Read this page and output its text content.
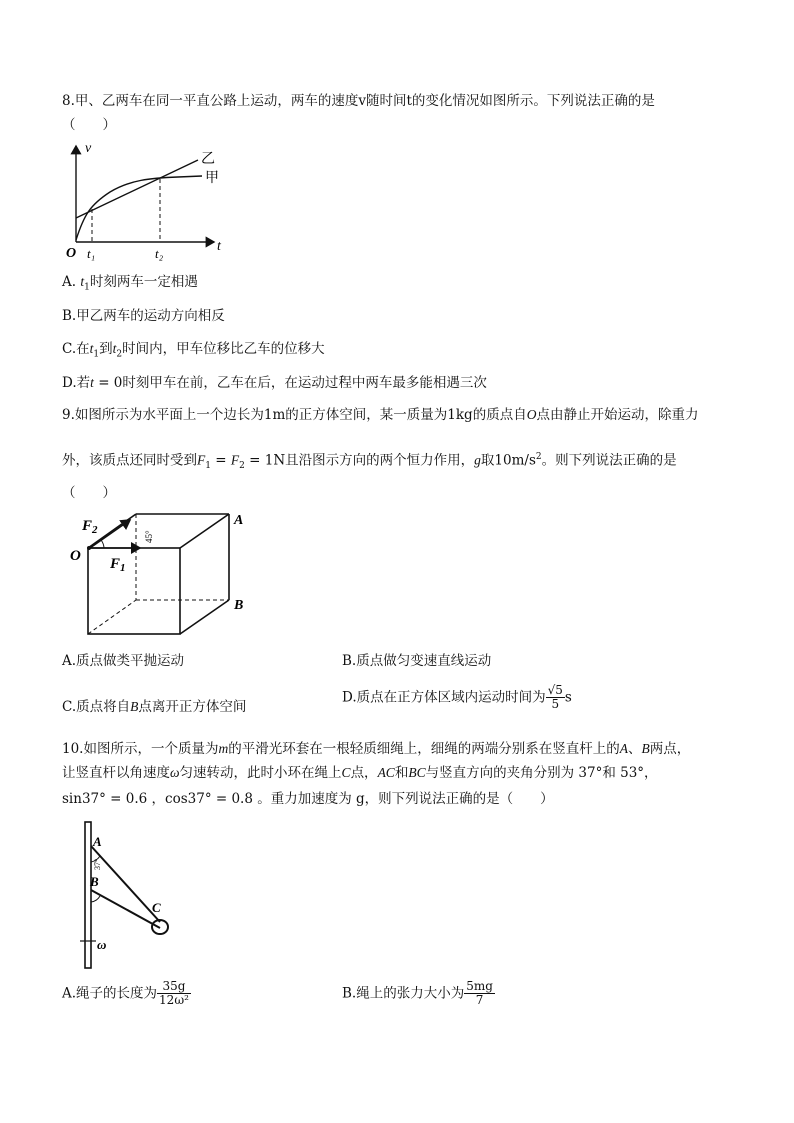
8.甲、乙两车在同一平直公路上运动，两车的速度v随时间t的变化情况如图所示。下列说法正确的是
（　　）
v
t
O t₁	t₂
乙
甲
A. $t_1$时刻两车一定相遇
B.甲乙两车的运动方向相反
C.在$t_1$到$t_2$时间内，甲车位移比乙车的位移大
D.若t = 0时刻甲车在前，乙车在后，在运动过程中两车最多能相遇三次
9.如图所示为水平面上一个边长为1m的正方体空间，某一质量为1kg的质点自O点由静止开始运动，除重力
外，该质点还同时受到$F_1 = F_2 = 1N$且沿图示方向的两个恒力作用，g取$10m/s^2$。则下列说法正确的是
（　　）
$F_2$
$F_1$
45°
O
A
B
A.质点做类平抛运动	B.质点做匀变速直线运动
C.质点将自B点离开正方体空间
D.质点在正方体区域内运动时间为 $\frac{√5}{5}$ s
10.如图所示，一个质量为m的平滑光环套在一根轻质细绳上，细绳的两端分别系在竖直杆上的A、B两点，
让竖直杆以角速度ω匀速转动，此时小环在绳上C点，AC和BC与竖直方向的夹角分别为 37°和 53°，
sin37° = 0.6 ，cos37° = 0.8 。重力加速度为 g，则下列说法正确的是（　　）
37°
A
B
C
ω
A.绳子的长度为 $\frac{35g}{\text{12ω²}}$	B.绳上的张力大小为 $\frac{5mg}{7}$
